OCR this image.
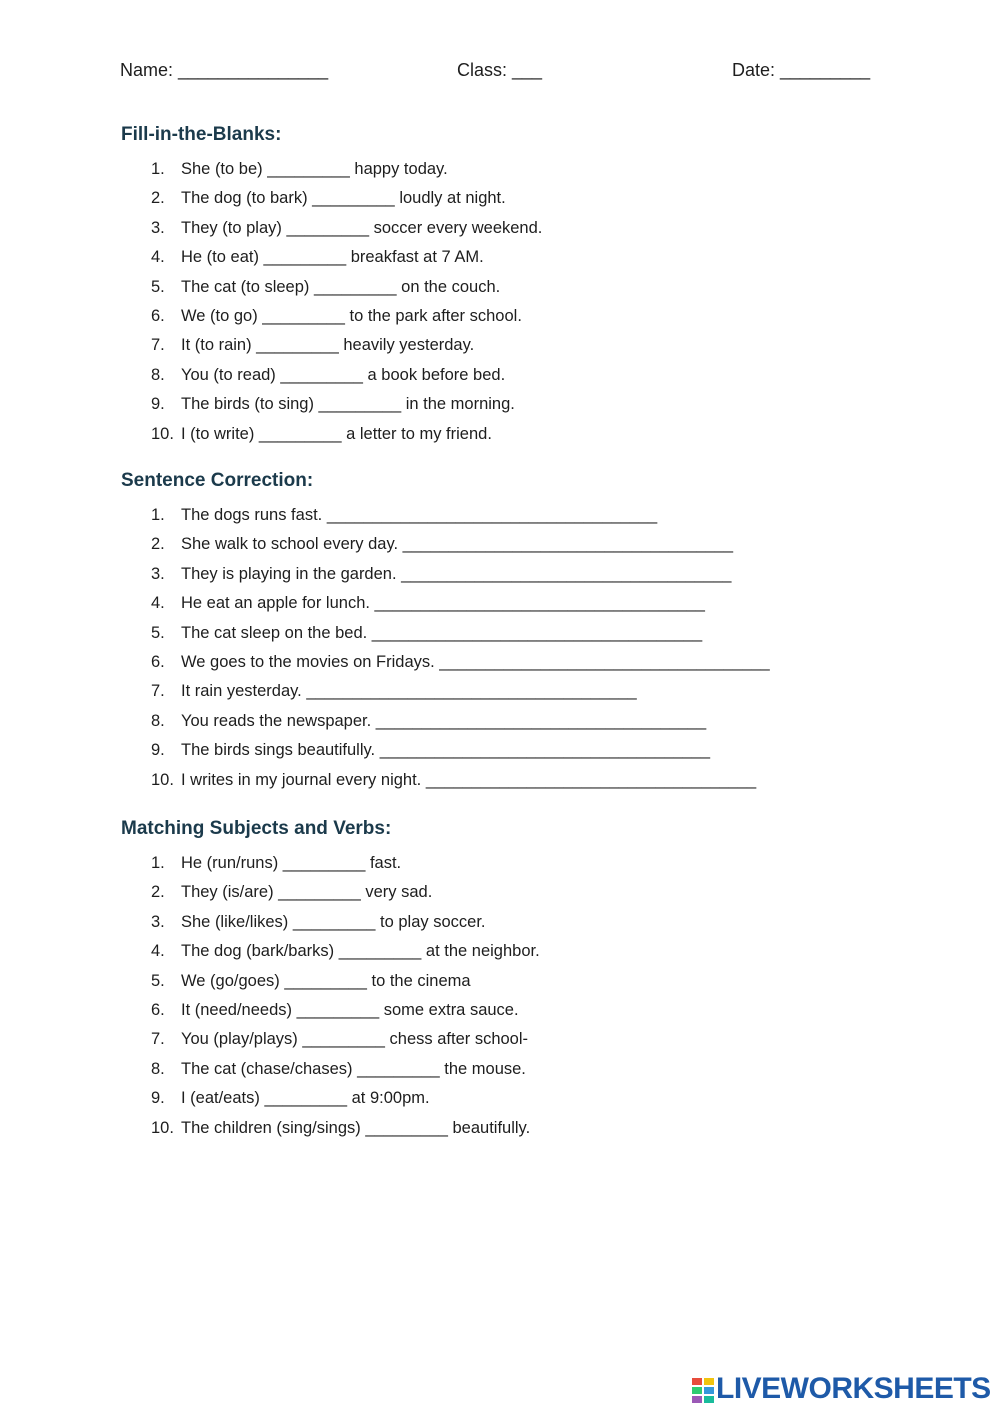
Name: _______________	Class: ___	Date: _________
Fill-in-the-Blanks:
1. She (to be) _________ happy today.
2. The dog (to bark) _________ loudly at night.
3. They (to play) _________ soccer every weekend.
4. He (to eat) _________ breakfast at 7 AM.
5. The cat (to sleep) _________ on the couch.
6. We (to go) _________ to the park after school.
7. It (to rain) _________ heavily yesterday.
8. You (to read) _________ a book before bed.
9. The birds (to sing) _________ in the morning.
10. I (to write) _________ a letter to my friend.
Sentence Correction:
1. The dogs runs fast. ____________________________________
2. She walk to school every day. ____________________________________
3. They is playing in the garden. ____________________________________
4. He eat an apple for lunch. ____________________________________
5. The cat sleep on the bed. ____________________________________
6. We goes to the movies on Fridays. ____________________________________
7. It rain yesterday. ____________________________________
8. You reads the newspaper. ____________________________________
9. The birds sings beautifully. ____________________________________
10. I writes in my journal every night. ____________________________________
Matching Subjects and Verbs:
1. He (run/runs) _________ fast.
2. They (is/are) _________ very sad.
3. She (like/likes) _________ to play soccer.
4. The dog (bark/barks) _________ at the neighbor.
5. We (go/goes) _________ to the cinema
6. It (need/needs) _________ some extra sauce.
7. You (play/plays) _________ chess after school-
8. The cat (chase/chases) _________ the mouse.
9. I (eat/eats) _________ at 9:00pm.
10. The children (sing/sings) _________ beautifully.
LIVEWORKSHEETS
